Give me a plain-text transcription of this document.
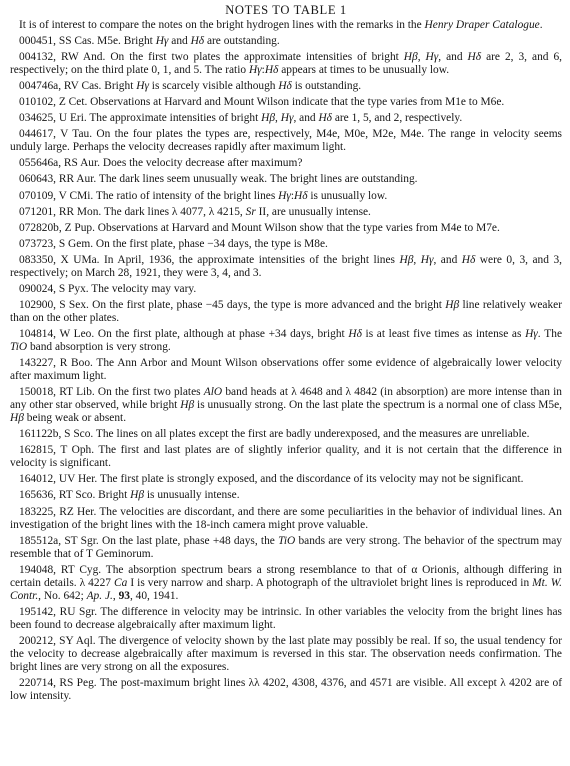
NOTES TO TABLE 1

It is of interest to compare the notes on the bright hydrogen lines with the remarks in the Henry Draper Catalogue.

000451, SS Cas. M5e. Bright Hγ and Hδ are outstanding.

004132, RW And. On the first two plates the approximate intensities of bright Hβ, Hγ, and Hδ are 2, 3, and 6, respectively; on the third plate 0, 1, and 5. The ratio Hγ:Hδ appears at times to be unusually low.

004746a, RV Cas. Bright Hγ is scarcely visible although Hδ is outstanding.

010102, Z Cet. Observations at Harvard and Mount Wilson indicate that the type varies from M1e to M6e.

034625, U Eri. The approximate intensities of bright Hβ, Hγ, and Hδ are 1, 5, and 2, respectively.

044617, V Tau. On the four plates the types are, respectively, M4e, M0e, M2e, M4e. The range in velocity seems unduly large. Perhaps the velocity decreases rapidly after maximum light.

055646a, RS Aur. Does the velocity decrease after maximum?

060643, RR Aur. The dark lines seem unusually weak. The bright lines are outstanding.

070109, V CMi. The ratio of intensity of the bright lines Hγ:Hδ is unusually low.

071201, RR Mon. The dark lines λ 4077, λ 4215, Sr II, are unusually intense.

072820b, Z Pup. Observations at Harvard and Mount Wilson show that the type varies from M4e to M7e.

073723, S Gem. On the first plate, phase −34 days, the type is M8e.

083350, X UMa. In April, 1936, the approximate intensities of the bright lines Hβ, Hγ, and Hδ were 0, 3, and 3, respectively; on March 28, 1921, they were 3, 4, and 3.

090024, S Pyx. The velocity may vary.

102900, S Sex. On the first plate, phase −45 days, the type is more advanced and the bright Hβ line relatively weaker than on the other plates.

104814, W Leo. On the first plate, although at phase +34 days, bright Hδ is at least five times as intense as Hγ. The TiO band absorption is very strong.

143227, R Boo. The Ann Arbor and Mount Wilson observations offer some evidence of algebraically lower velocity after maximum light.

150018, RT Lib. On the first two plates AlO band heads at λ 4648 and λ 4842 (in absorption) are more intense than in any other star observed, while bright Hβ is unusually strong. On the last plate the spectrum is a normal one of class M5e, Hβ being weak or absent.

161122b, S Sco. The lines on all plates except the first are badly underexposed, and the measures are unreliable.

162815, T Oph. The first and last plates are of slightly inferior quality, and it is not certain that the difference in velocity is significant.

164012, UV Her. The first plate is strongly exposed, and the discordance of its velocity may not be significant.

165636, RT Sco. Bright Hβ is unusually intense.

183225, RZ Her. The velocities are discordant, and there are some peculiarities in the behavior of individual lines. An investigation of the bright lines with the 18-inch camera might prove valuable.

185512a, ST Sgr. On the last plate, phase +48 days, the TiO bands are very strong. The behavior of the spectrum may resemble that of T Geminorum.

194048, RT Cyg. The absorption spectrum bears a strong resemblance to that of α Orionis, although differing in certain details. λ 4227 Ca I is very narrow and sharp. A photograph of the ultraviolet bright lines is reproduced in Mt. W. Contr., No. 642; Ap. J., 93, 40, 1941.

195142, RU Sgr. The difference in velocity may be intrinsic. In other variables the velocity from the bright lines has been found to decrease algebraically after maximum light.

200212, SY Aql. The divergence of velocity shown by the last plate may possibly be real. If so, the usual tendency for the velocity to decrease algebraically after maximum is reversed in this star. The observation needs confirmation. The bright lines are very strong on all the exposures.

220714, RS Peg. The post-maximum bright lines λλ 4202, 4308, 4376, and 4571 are visible. All except λ 4202 are of low intensity.
